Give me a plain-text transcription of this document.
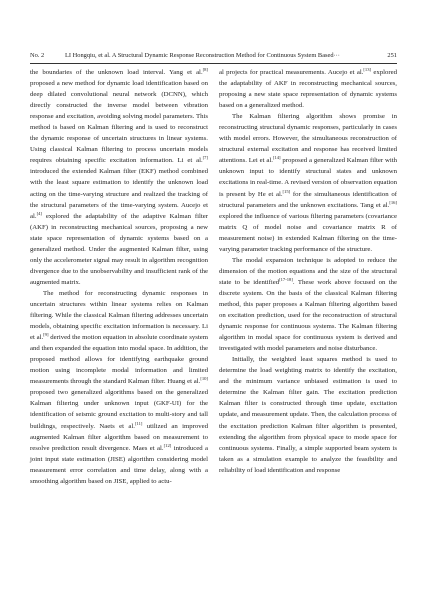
No. 2	LI Hongqiu, et al. A Structural Dynamic Response Reconstruction Method for Continuous System Based···	251

the boundaries of the unknown load interval. Yang et al.[8] proposed a new method for dynamic load identification based on deep dilated convolutional neural network (DCNN), which directly constructed the inverse model between vibration response and excitation, avoiding solving model parameters. This method is based on Kalman filtering and is used to reconstruct the dynamic response of uncertain structures in linear systems. Using classical Kalman filtering to process uncertain models requires obtaining specific excitation information. Li et al.[7] introduced the extended Kalman filter (EKF) method combined with the least square estimation to identify the unknown load acting on the time-varying structure and realized the tracking of the structural parameters of the time-varying system. Aucejo et al.[4] explored the adaptability of the adaptive Kalman filter (AKF) in reconstructing mechanical sources, proposing a new state space representation of dynamic systems based on a generalized method. Under the augmented Kalman filter, using only the accelerometer signal may result in algorithm recognition divergence due to the unobservability and insufficient rank of the augmented matrix.

The method for reconstructing dynamic responses in uncertain structures within linear systems relies on Kalman filtering. While the classical Kalman filtering addresses uncertain models, obtaining specific excitation information is necessary. Li et al.[9] derived the motion equation in absolute coordinate system and then expanded the equation into modal space. In addition, the proposed method allows for identifying earthquake ground motion using incomplete modal information and limited measurements through the standard Kalman filter. Huang et al.[10] proposed two generalized algorithms based on the generalized Kalman filtering under unknown input (GKF-UI) for the identification of seismic ground excitation to multi-story and tall buildings, respectively. Naets et al.[11] utilized an improved augmented Kalman filter algorithm based on measurement to resolve prediction result divergence. Maes et al.[12] introduced a joint input state estimation (JISE) algorithm considering model measurement error correlation and time delay, along with a smoothing algorithm based on JISE, applied to actu-

al projects for practical measurements. Aucejo et al.[13] explored the adaptability of AKF in reconstructing mechanical sources, proposing a new state space representation of dynamic systems based on a generalized method.

The Kalman filtering algorithm shows promise in reconstructing structural dynamic responses, particularly in cases with model errors. However, the simultaneous reconstruction of structural external excitation and response has received limited attentions. Lei et al.[14] proposed a generalized Kalman filter with unknown input to identify structural states and unknown excitations in real-time. A revised version of observation equation is present by He et al.[15] for the simultaneous identification of structural parameters and the unknown excitations. Tang et al.[16] explored the influence of various filtering parameters (covariance matrix Q of model noise and covariance matrix R of measurement noise) in extended Kalman filtering on the time-varying parameter tracking performance of the structure.

The modal expansion technique is adopted to reduce the dimension of the motion equations and the size of the structural state to be identified[17-18]. These work above focused on the discrete system. On the basis of the classical Kalman filtering method, this paper proposes a Kalman filtering algorithm based on excitation prediction, used for the reconstruction of structural dynamic response for continuous systems. The Kalman filtering algorithm in modal space for continuous system is derived and investigated with model parameters and noise disturbance.

Initially, the weighted least squares method is used to determine the load weighting matrix to identify the excitation, and the minimum variance unbiased estimation is used to determine the Kalman filter gain. The excitation prediction Kalman filter is constructed through time update, excitation update, and measurement update. Then, the calculation process of the excitation prediction Kalman filter algorithm is presented, extending the algorithm from physical space to mode space for continuous systems. Finally, a simple supported beam system is taken as a simulation example to analyze the feasibility and reliability of load identification and response
